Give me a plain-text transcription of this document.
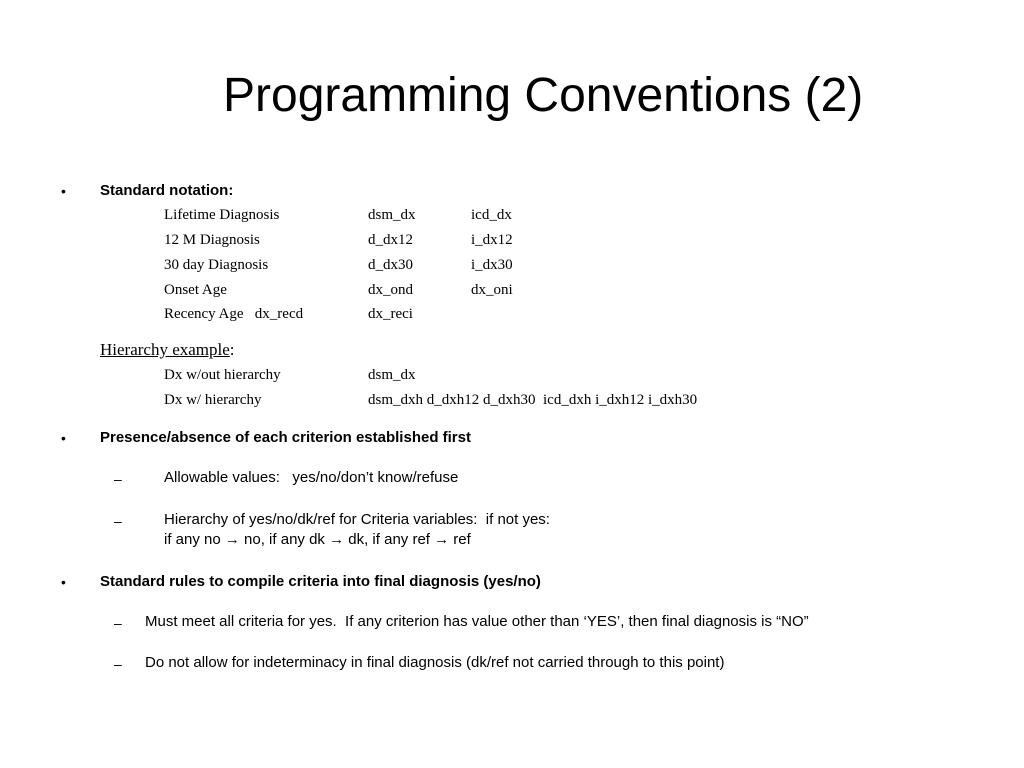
Programming Conventions (2)
• Standard notation:
Lifetime Diagnosis	dsm_dx	icd_dx
12 M Diagnosis	d_dx12	i_dx12
30 day Diagnosis	d_dx30	i_dx30
Onset Age	dx_ond	dx_oni
Recency Age   dx_recd	dx_reci
Hierarchy example:
Dx w/out hierarchy	dsm_dx
Dx w/ hierarchy	dsm_dxh d_dxh12 d_dxh30  icd_dxh i_dxh12 i_dxh30
• Presence/absence of each criterion established first
–	Allowable values:   yes/no/don’t know/refuse
–	Hierarchy of yes/no/dk/ref for Criteria variables:  if not yes:
if any no → no, if any dk → dk, if any ref → ref
• Standard rules to compile criteria into final diagnosis (yes/no)
– Must meet all criteria for yes.  If any criterion has value other than ‘YES’, then final diagnosis is “NO”
– Do not allow for indeterminacy in final diagnosis (dk/ref not carried through to this point)
